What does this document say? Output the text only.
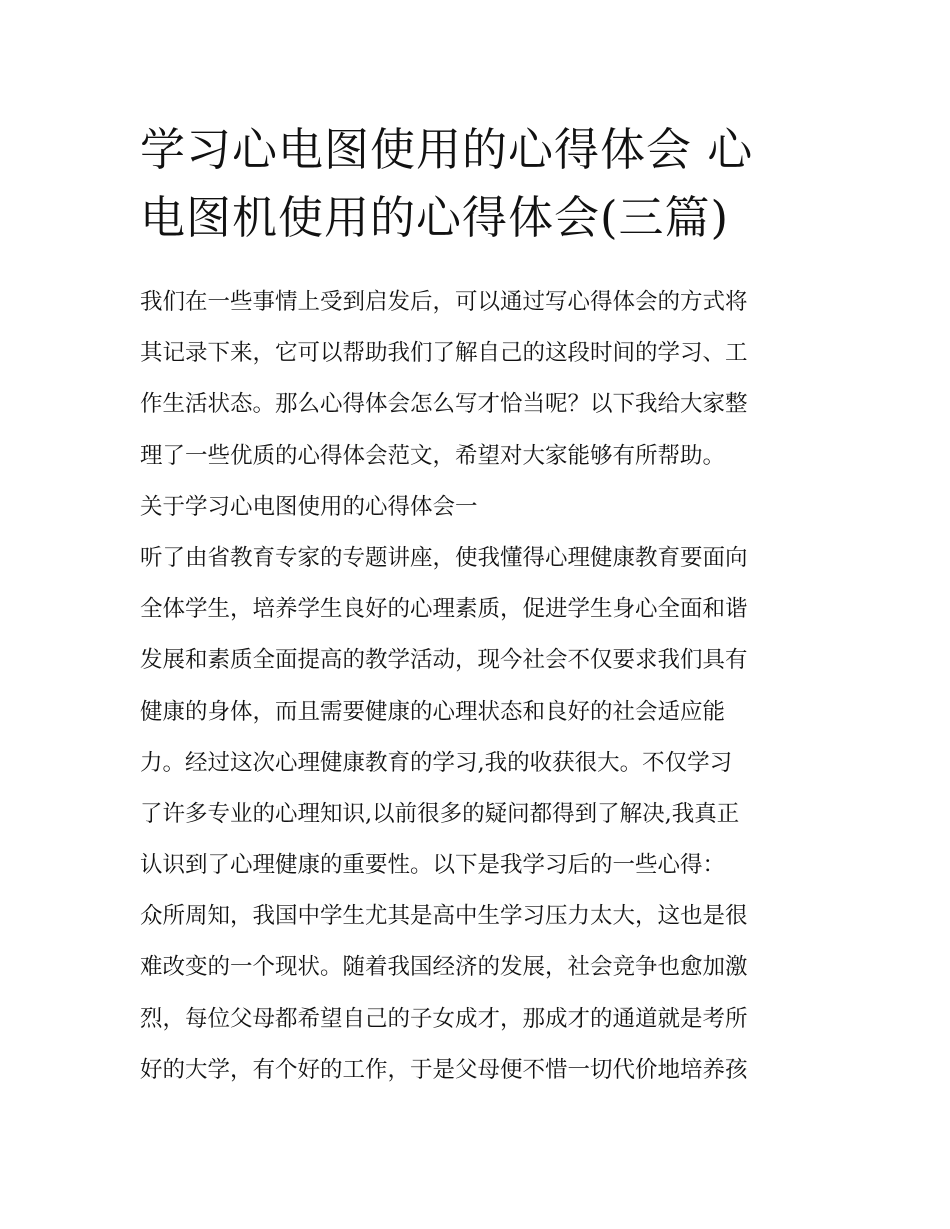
学习心电图使用的心得体会 心
电图机使用的心得体会(三篇)
我们在一些事情上受到启发后，可以通过写心得体会的方式将
其记录下来，它可以帮助我们了解自己的这段时间的学习、工
作生活状态。那么心得体会怎么写才恰当呢？以下我给大家整
理了一些优质的心得体会范文，希望对大家能够有所帮助。
关于学习心电图使用的心得体会一
听了由省教育专家的专题讲座，使我懂得心理健康教育要面向
全体学生，培养学生良好的心理素质，促进学生身心全面和谐
发展和素质全面提高的教学活动，现今社会不仅要求我们具有
健康的身体，而且需要健康的心理状态和良好的社会适应能
力。经过这次心理健康教育的学习,我的收获很大。不仅学习
了许多专业的心理知识,以前很多的疑问都得到了解决,我真正
认识到了心理健康的重要性。以下是我学习后的一些心得：
众所周知，我国中学生尤其是高中生学习压力太大，这也是很
难改变的一个现状。随着我国经济的发展，社会竞争也愈加激
烈，每位父母都希望自己的子女成才，那成才的通道就是考所
好的大学，有个好的工作，于是父母便不惜一切代价地培养孩
